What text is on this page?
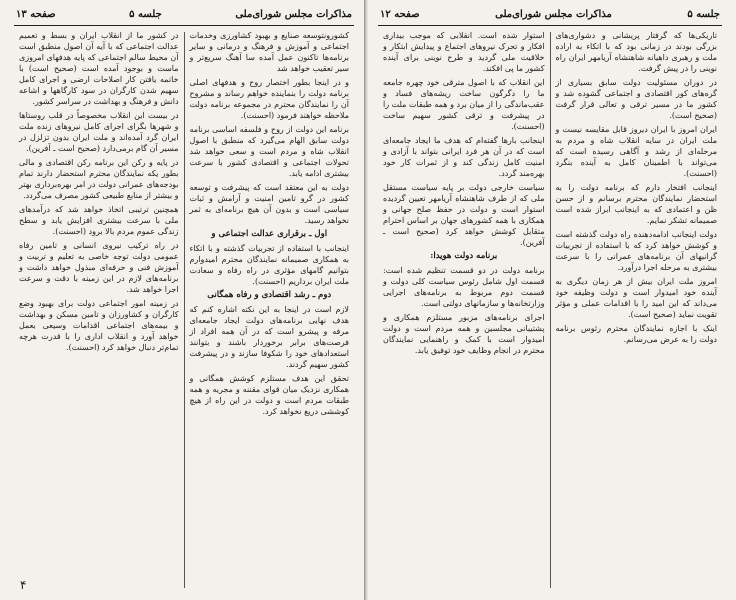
مذاکرات مجلس شورای‌ملی
جلسه ۵
صفحه ۱۳

کشورونتوسعه صنایع و بهبود کشاورزی وخدمات اجتماعی و آموزش و فرهنگ و درمانی و ساير برنامه‌ها تاکنون عمل آمده سا آهنگ سریع‌تر و سیر تعقیب خواهد شد

و در اینجا بطور اختصار روح و هدفهای اصلی برنامه دولت را بنماینده خواهم رساند و مشروح آن را نمایندگان محترم در مجموعه برنامه دولت ملاحظه خواهند فرمود (احسنت).

برنامه این دولت از روح و فلسفه اساسی برنامه دولت سابق الهام می‌گیرد که منطبق با اصول انقلاب شاه و مردم است و سعی خواهد شد تحولات اجتماعی و اقتصادی کشور با سرعت بیشتری ادامه یابد.

دولت به این معتقد است که پیشرفت و توسعه کشور در گرو تامین امنیت و آرامش و ثبات سیاسی است و بدون آن هیچ برنامه‌ای به ثمر نخواهد رسید.

اول ـ برقراری عدالت اجتماعی و

اینجانب با استفاده از تجربیات گذشته و با اتکاء به همکاری صمیمانه نمایندگان محترم امیدوارم بتوانیم گامهای مؤثری در راه رفاه و سعادت ملت ایران برداریم (احسنت).

دوم ـ رشد اقتصادی و رفاه همگانی

لازم است در اینجا به این نکته اشاره کنم که هدف نهایی برنامه‌های دولت ایجاد جامعه‌ای مرفه و پیشرو است که در آن همه افراد از فرصت‌های برابر برخوردار باشند و بتوانند استعدادهای خود را شکوفا سازند و در پیشرفت کشور سهیم گردند.

تحقق این هدف مستلزم کوشش همگانی و همکاری نزدیک میان قوای مقننه و مجریه و همه طبقات مردم است و دولت در این راه از هیچ کوششی دریغ نخواهد کرد.

در کشور ما از انقلاب ایران و بسط و تعمیم عدالت اجتماعی که با آیه آن اصول منطبق است آن محیط سالم اجتماعی که پایه هدفهای امروزی ماست و بوجود آمده است (صحیح است) با خاتمه یافتن کار اصلاحات ارضی و اجرای کامل سهیم شدن کارگران در سود کارگاهها و اشاعه دانش و فرهنگ و بهداشت در سراسر کشور.

در بیست این انقلاب مخصوصاً در قلب روستاها و شهرها بگرای اجرای کامل نیروهای زنده ملت ایران گرد آمده‌اند و ملت ایران بدون تزلزل در مسیر آن گام برمی‌دارد (صحیح است ـ آفرین).

در پایه و رکن این برنامه رکن اقتصادی و مالی بطور یکه نمایندگان محترم استحضار دارند تمام بودجه‌های عمرانی دولت در امر بهره‌برداری بهتر و بیشتر از منابع طبیعی کشور مصرف می‌گردد.

همچنین ترتیبی اتخاذ خواهد شد که درآمدهای ملی با سرعت بیشتری افزایش یابد و سطح زندگی عموم مردم بالا برود (احسنت).

در راه ترکیب نیروی انسانی و تامین رفاه عمومی دولت توجه خاصی به تعلیم و تربیت و آموزش فنی و حرفه‌ای مبذول خواهد داشت و برنامه‌های لازم در این زمینه با دقت و سرعت اجرا خواهد شد.

در زمینه امور اجتماعی دولت برای بهبود وضع کارگران و کشاورزان و تامین مسکن و بهداشت و بیمه‌های اجتماعی اقدامات وسیعی بعمل خواهد آورد و انقلاب اداری را با قدرت هرچه تمام‌تر دنبال خواهد کرد (احسنت).

۴
جلسه ۵
مذاکرات مجلس شورای‌ملی
صفحه ۱۲

تاریکی‌ها که گرفتار پریشانی و دشواری‌های بزرگی بودند در زمانی بود که با اتکاء به اراده ملت و رهبری داهیانه شاهنشاه آریامهر ایران راه نوینی را در پیش گرفت.

در دوران مسئولیت دولت سابق بسیاری از گره‌های کور اقتصادی و اجتماعی گشوده شد و کشور ما در مسیر ترقی و تعالی قرار گرفت (صحیح است).

ایران امروز با ایران دیروز قابل مقایسه نیست و ملت ایران در سایه انقلاب شاه و مردم به مرحله‌ای از رشد و آگاهی رسیده است که می‌تواند با اطمینان کامل به آینده بنگرد (احسنت).

اینجانب افتخار دارم که برنامه دولت را به استحضار نمایندگان محترم برسانم و از حسن ظن و اعتمادی که به اینجانب ابراز شده است صمیمانه تشکر نمایم.

دولت اینجانب ادامه‌دهنده راه دولت گذشته است و کوشش خواهد کرد که با استفاده از تجربیات گرانبهای آن برنامه‌های عمرانی را با سرعت بیشتری به مرحله اجرا درآورد.

امروز ملت ایران بیش از هر زمان دیگری به آینده خود امیدوار است و دولت وظیفه خود می‌داند که این امید را با اقدامات عملی و مؤثر تقویت نماید (صحیح است).

اینک با اجازه نمایندگان محترم رئوس برنامه دولت را به عرض می‌رسانم.

استوار شده است. انقلابی که موجب بیداری افکار و تحرک نیروهای اجتماع و پیدایش ابتکار و خلاقیت ملی گردید و طرح نوینی برای آینده کشور ما پی افکند.

این انقلاب که با اصول مترقی خود چهره جامعه ما را دگرگون ساخت ریشه‌های فساد و عقب‌ماندگی را از میان برد و همه طبقات ملت را در پیشرفت و ترقی کشور سهیم ساخت (احسنت).

اینجانب بارها گفته‌ام که هدف ما ایجاد جامعه‌ای است که در آن هر فرد ایرانی بتواند با آزادی و امنیت کامل زندگی کند و از ثمرات کار خود بهره‌مند گردد.

سیاست خارجی دولت بر پایه سیاست مستقل ملی که از طرف شاهنشاه آریامهر تعیین گردیده استوار است و دولت در حفظ صلح جهانی و همکاری با همه کشورهای جهان بر اساس احترام متقابل کوشش خواهد کرد (صحیح است ـ آفرین).

برنامه دولت هویدا:

برنامه دولت در دو قسمت تنظیم شده است: قسمت اول شامل رئوس سیاست کلی دولت و قسمت دوم مربوط به برنامه‌های اجرایی وزارتخانه‌ها و سازمانهای دولتی است.

اجرای برنامه‌های مزبور مستلزم همکاری و پشتیبانی مجلسین و همه مردم است و دولت امیدوار است با کمک و راهنمایی نمایندگان محترم در انجام وظایف خود توفیق یابد.
